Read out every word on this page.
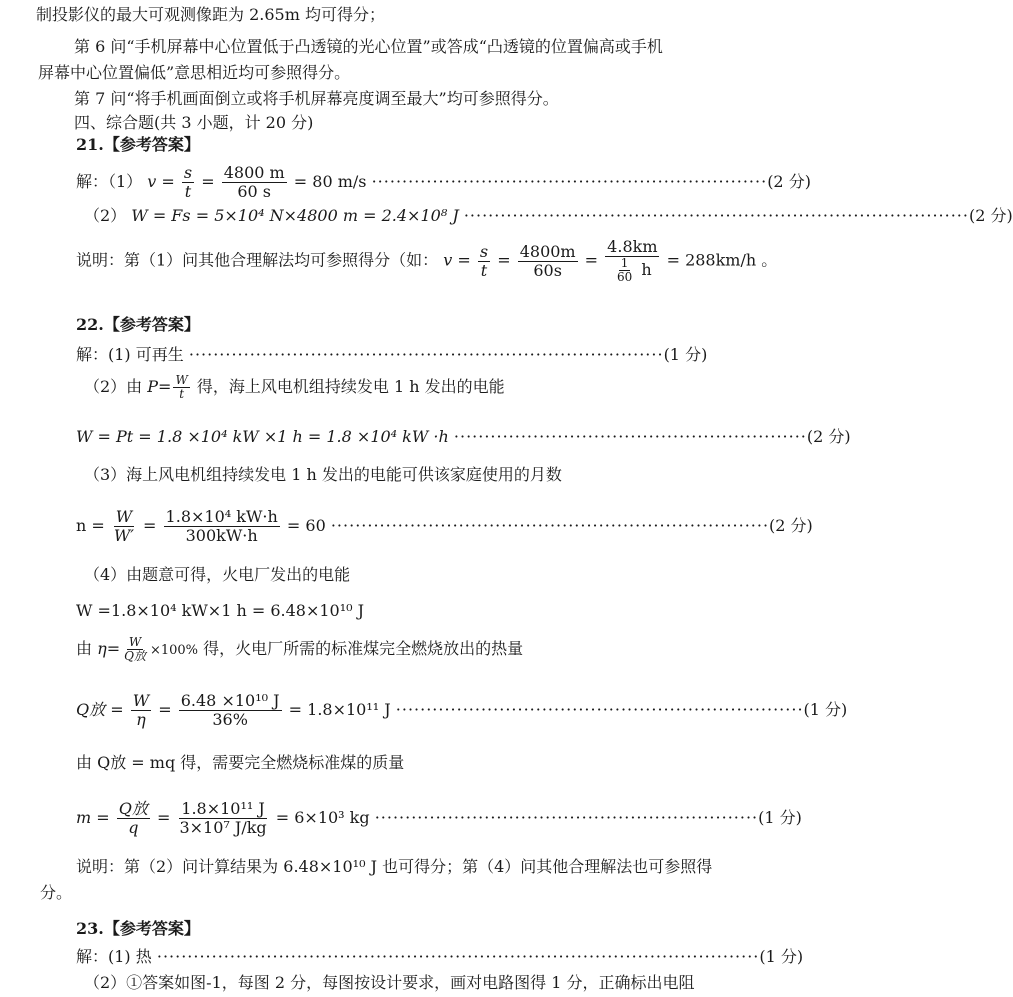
制投影仪的最大可观测像距为 2.65m 均可得分；
第 6 问“手机屏幕中心位置低于凸透镜的光心位置”或答成“凸透镜的位置偏高或手机
屏幕中心位置偏低”意思相近均可参照得分。
第 7 问“将手机画面倒立或将手机屏幕亮度调至最大”均可参照得分。
四、综合题(共 3 小题，计 20 分)
21.【参考答案】
解：（1） $v = \frac{s}{t} = \frac{4800 m}{60 s} = 80$ m/s ·································································(2 分)
（2） W = Fs = 5×10⁴ N×4800 m = 2.4×10⁸ J ···················································································(2 分)
说明：第（1）问其他合理解法均可参照得分（如： $v = \frac{s}{t} = \frac{4800m}{60s} = \frac{4.8km}{\frac{1}{60} h} = 288km/h$ 。
22.【参考答案】
解：(1) 可再生 ··············································································(1 分)
（2）由 $P= \frac{W}{t}$ 得，海上风电机组持续发电 1 h 发出的电能
W = Pt = 1.8 ×10⁴ kW ×1 h = 1.8 ×10⁴ kW ·h ··························································(2 分)
（3）海上风电机组持续发电 1 h 发出的电能可供该家庭使用的月数
$n = \frac{W}{W'} = \frac{\text{1.8×10⁴ kW·h}}{300kW\cdot h} = 60 \cdot\cdot\cdot\cdot\cdot\cdot\cdot\cdot\cdot\cdot\cdot\cdot\cdot\cdot\cdot\cdot\cdot\cdot\cdot\cdot\cdot\cdot\cdot\cdot\cdot\cdot\cdot\cdot\cdot\cdot\cdot\cdot\cdot\cdot\cdot\cdot\cdot\cdot\cdot\cdot\cdot\cdot\cdot\cdot\cdot\cdot\cdot\cdot\cdot\cdot\cdot\cdot\cdot\cdot\cdot\cdot\cdot\cdot\cdot\cdot\cdot\cdot\cdot\cdot\cdot\cdot\cdot\cdot\cdot\cdot\cdot\cdot(2$ 分)
（4）由题意可得，火电厂发出的电能
W =1.8×10⁴ kW×1 h = 6.48×10¹⁰ J
由 $\eta= \frac{W}{\text{Q放}} \times 100\%$ 得，火电厂所需的标准煤完全燃烧放出的热量
Q放 = $\frac{W}{\eta} = \frac{\text{6.48 ×10¹⁰ J}}{36\%} = 1.8\times 10^{11}$ J ···································································(1 分)
由 Q放 = mq 得，需要完全燃烧标准煤的质量
$m = \frac{\text{Q放}}{q} = \frac{\text{1.8×10¹¹ J}}{\text{3×10⁷ J/kg}} = 6\times 10^3$ kg ·······························································(1 分)
说明：第（2）问计算结果为 6.48×10¹⁰ J 也可得分；第（4）问其他合理解法也可参照得
分。
23.【参考答案】
解：(1) 热 ···································································································(1 分)
（2）①答案如图-1，每图 2 分，每图按设计要求，画对电路图得 1 分，正确标出电阻
